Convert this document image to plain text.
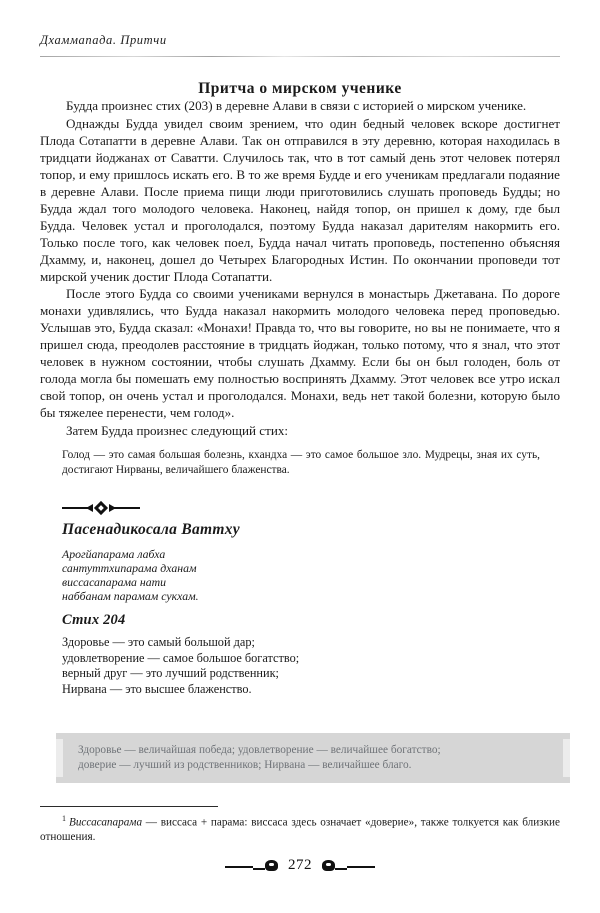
Дхаммапада. Притчи
Притча о мирском ученике

Будда произнес стих (203) в деревне Алави в связи с историей о мирском ученике.

Однажды Будда увидел своим зрением, что один бедный человек вскоре достигнет Плода Сотапатти в деревне Алави. Так он отправился в эту деревню, которая находилась в тридцати йоджанах от Саватти. Случилось так, что в тот самый день этот человек потерял топор, и ему пришлось искать его. В то же время Будде и его ученикам предлагали подаяние в деревне Алави. После приема пищи люди приготовились слушать проповедь Будды; но Будда ждал того молодого человека. Наконец, найдя топор, он пришел к дому, где был Будда. Человек устал и проголодался, поэтому Будда наказал дарителям накормить его. Только после того, как человек поел, Будда начал читать проповедь, постепенно объясняя Дхамму, и, наконец, дошел до Четырех Благородных Истин. По окончании проповеди тот мирской ученик достиг Плода Сотапатти.

После этого Будда со своими учениками вернулся в монастырь Джетавана. По дороге монахи удивлялись, что Будда наказал накормить молодого человека перед проповедью. Услышав это, Будда сказал: «Монахи! Правда то, что вы говорите, но вы не понимаете, что я пришел сюда, преодолев расстояние в тридцать йоджан, только потому, что я знал, что этот человек в нужном состоянии, чтобы слушать Дхамму. Если бы он был голоден, боль от голода могла бы помешать ему полностью воспринять Дхамму. Этот человек все утро искал свой топор, он очень устал и проголодался. Монахи, ведь нет такой болезни, которую было бы тяжелее перенести, чем голод».

Затем Будда произнес следующий стих:

Голод — это самая большая болезнь, кхандха — это самое большое зло. Мудрецы, зная их суть, достигают Нирваны, величайшего блаженства.
Пасенадикосала Ваттху
Арогйапарама лабха
сантуттхипарама дханам
виссасапарама нати
наббанам парамам сукхам.
Стих 204
Здоровье — это самый большой дар;
удовлетворение — самое большое богатство;
верный друг — это лучший родственник;
Нирвана — это высшее блаженство.
Здоровье — величайшая победа; удовлетворение — величайшее богатство;
доверие — лучший из родственников; Нирвана — величайшее благо.
$^1$ Виссасапарама — виссаса + парама: виссаса здесь означает «доверие», также толкуется как близкие отношения.
272
